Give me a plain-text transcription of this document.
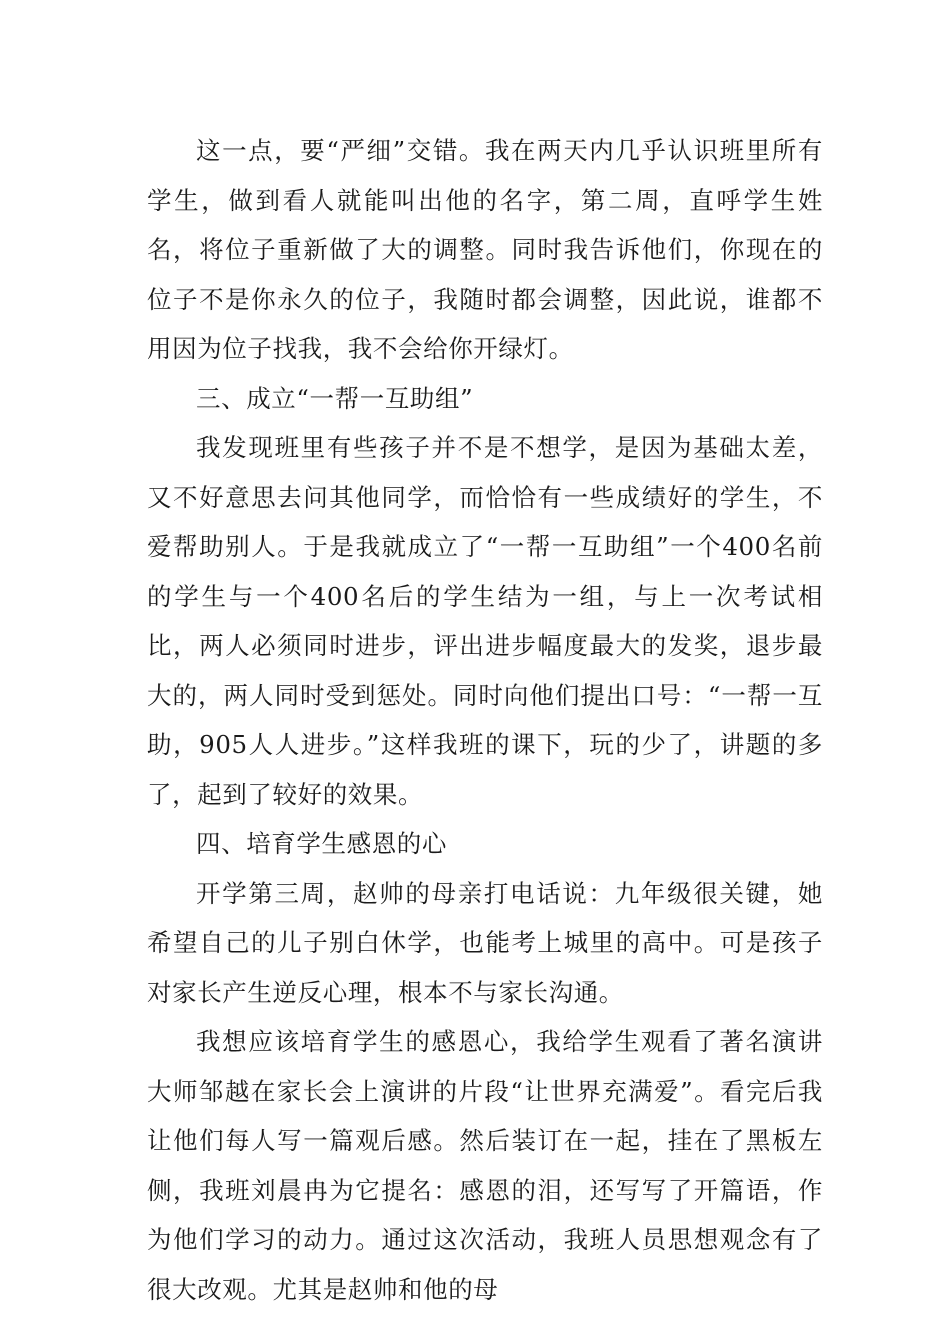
这一点，要“严细”交错。我在两天内几乎认识班里所有学生，做到看人就能叫出他的名字，第二周，直呼学生姓名，将位子重新做了大的调整。同时我告诉他们，你现在的位子不是你永久的位子，我随时都会调整，因此说，谁都不用因为位子找我，我不会给你开绿灯。

三、成立“一帮一互助组”

我发现班里有些孩子并不是不想学，是因为基础太差，又不好意思去问其他同学，而恰恰有一些成绩好的学生，不爱帮助别人。于是我就成立了“一帮一互助组”一个400名前的学生与一个400名后的学生结为一组，与上一次考试相比，两人必须同时进步，评出进步幅度最大的发奖，退步最大的，两人同时受到惩处。同时向他们提出口号：“一帮一互助，905人人进步。”这样我班的课下，玩的少了，讲题的多了，起到了较好的效果。

四、培育学生感恩的心

开学第三周，赵帅的母亲打电话说：九年级很关键，她希望自己的儿子别白休学，也能考上城里的高中。可是孩子对家长产生逆反心理，根本不与家长沟通。

我想应该培育学生的感恩心，我给学生观看了著名演讲大师邹越在家长会上演讲的片段“让世界充满爱”。看完后我让他们每人写一篇观后感。然后装订在一起，挂在了黑板左侧，我班刘晨冉为它提名：感恩的泪，还写写了开篇语，作为他们学习的动力。通过这次活动，我班人员思想观念有了很大改观。尤其是赵帅和他的母
